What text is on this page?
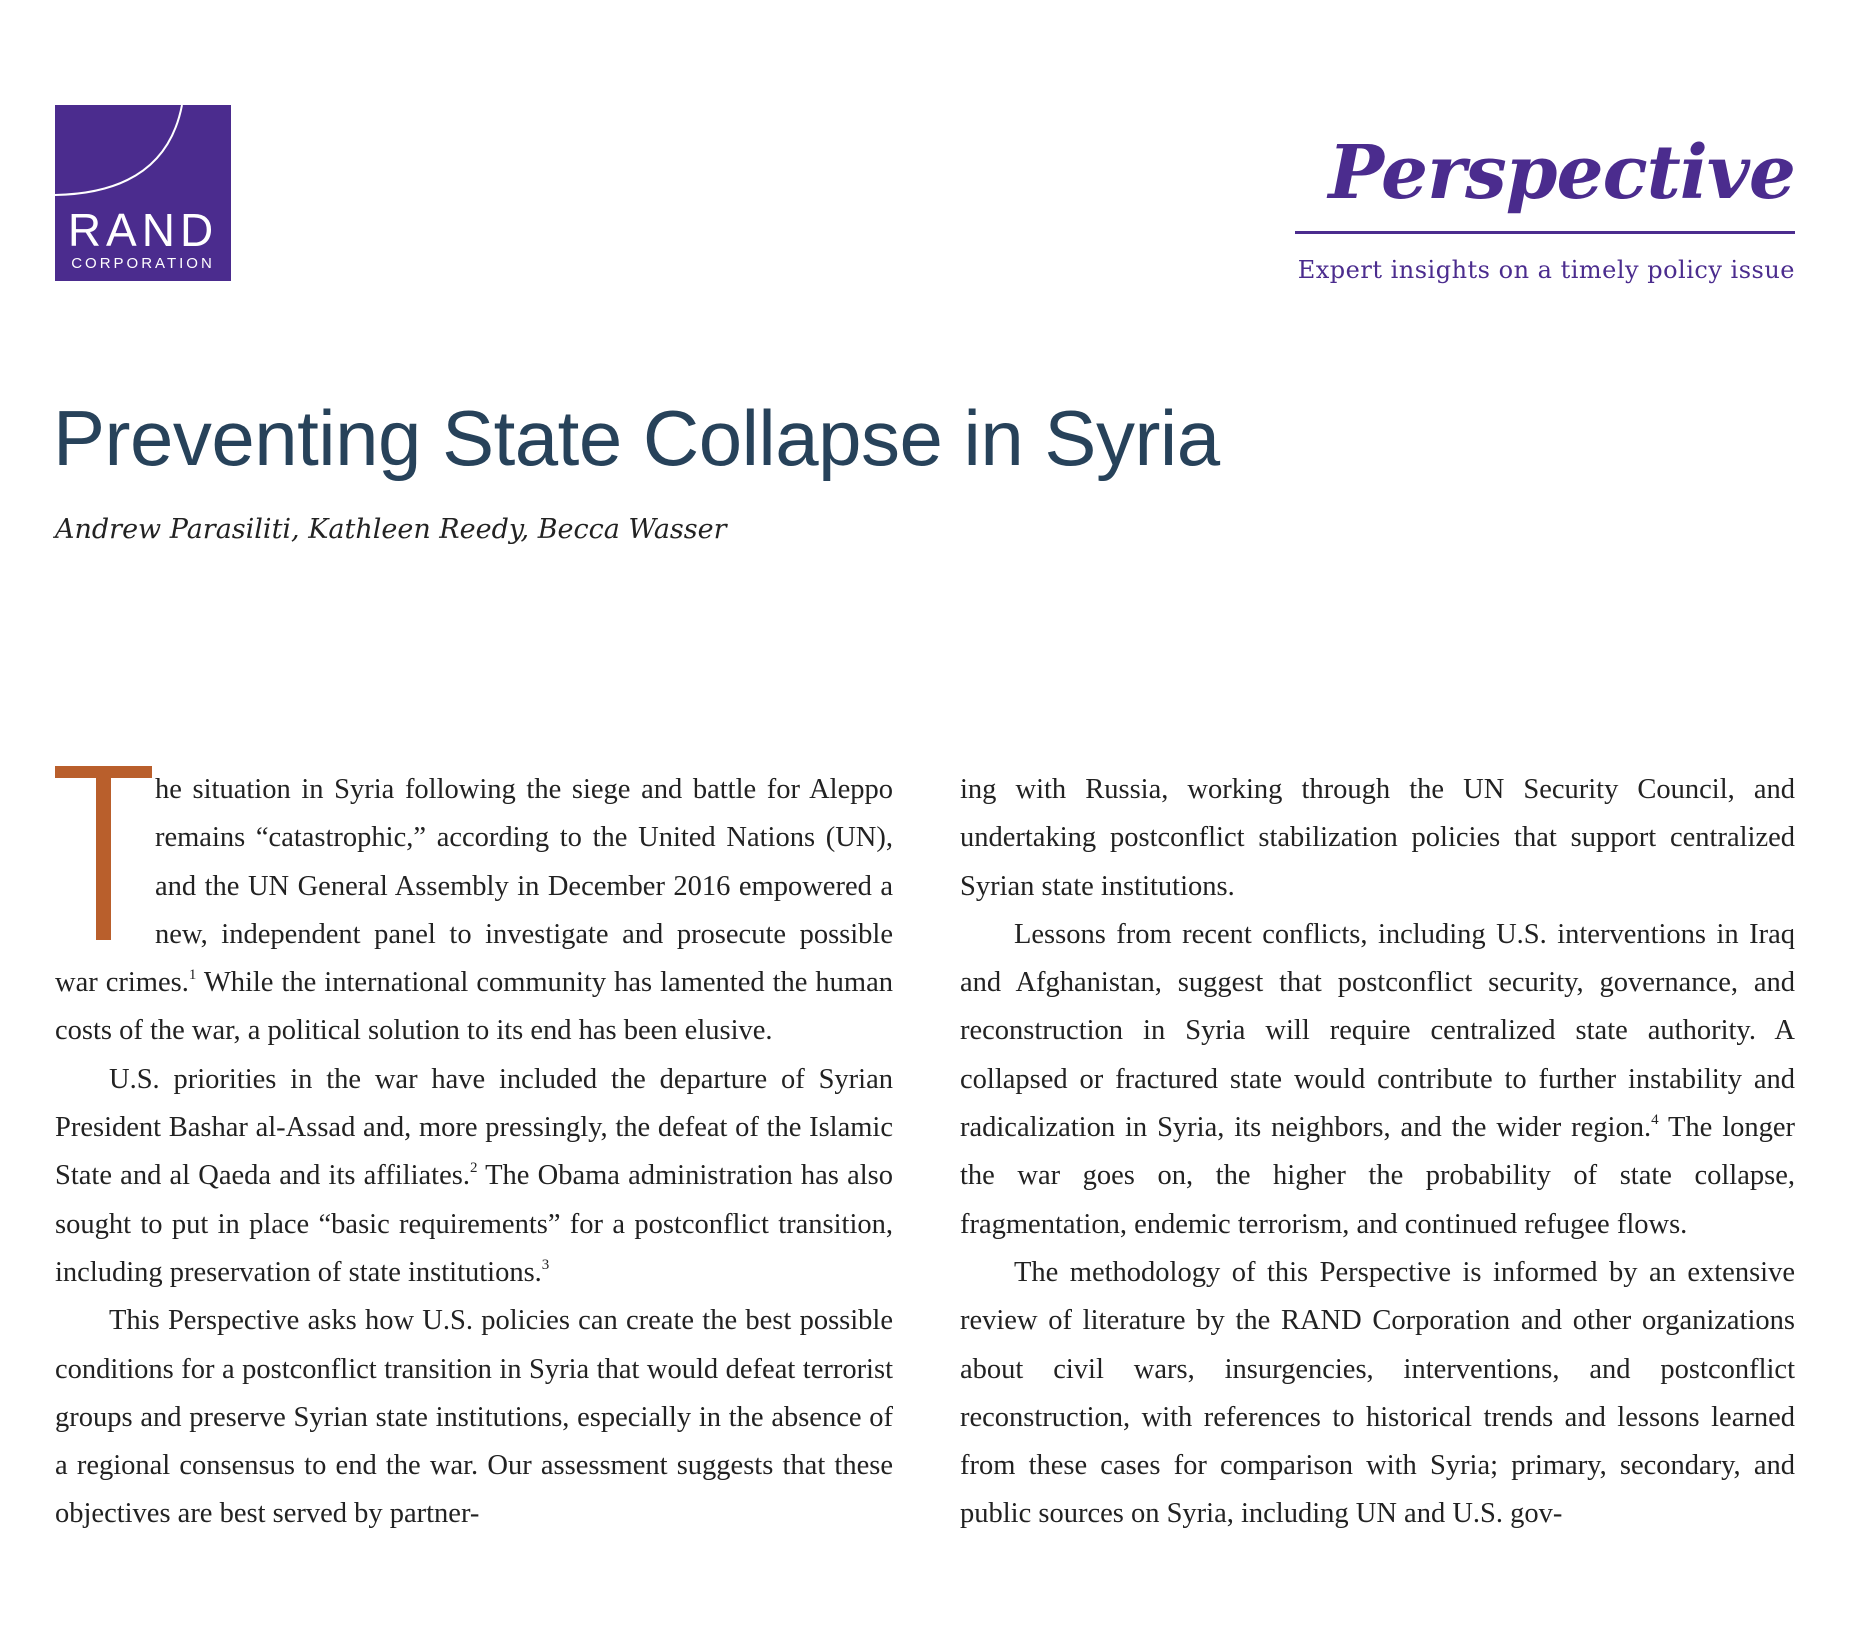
RAND
CORPORATION
Perspective
Expert insights on a timely policy issue
Preventing State Collapse in Syria
Andrew Parasiliti, Kathleen Reedy, Becca Wasser

he situation in Syria following the siege and battle for Aleppo remains “catastrophic,” according to the United Nations (UN), and the UN General Assembly in December 2016 empowered a new, independent panel to investigate and prosecute possible war crimes.$^1$ While the international community has lamented the human costs of the war, a political solution to its end has been elusive.

U.S. priorities in the war have included the departure of Syrian President Bashar al-Assad and, more pressingly, the defeat of the Islamic State and al Qaeda and its affiliates.$^2$ The Obama administration has also sought to put in place “basic requirements” for a postconflict transition, including preservation of state institutions.$^3$

This Perspective asks how U.S. policies can create the best possible conditions for a postconflict transition in Syria that would defeat terrorist groups and preserve Syrian state institutions, especially in the absence of a regional consensus to end the war. Our assessment suggests that these objectives are best served by partner-

ing with Russia, working through the UN Security Council, and undertaking postconflict stabilization policies that support centralized Syrian state institutions.

Lessons from recent conflicts, including U.S. interventions in Iraq and Afghanistan, suggest that postconflict security, governance, and reconstruction in Syria will require centralized state authority. A collapsed or fractured state would contribute to further instability and radicalization in Syria, its neighbors, and the wider region.$^4$ The longer the war goes on, the higher the probability of state collapse, fragmentation, endemic terrorism, and continued refugee flows.

The methodology of this Perspective is informed by an extensive review of literature by the RAND Corporation and other organizations about civil wars, insurgencies, interventions, and postconflict reconstruction, with references to historical trends and lessons learned from these cases for comparison with Syria; primary, secondary, and public sources on Syria, including UN and U.S. gov-
